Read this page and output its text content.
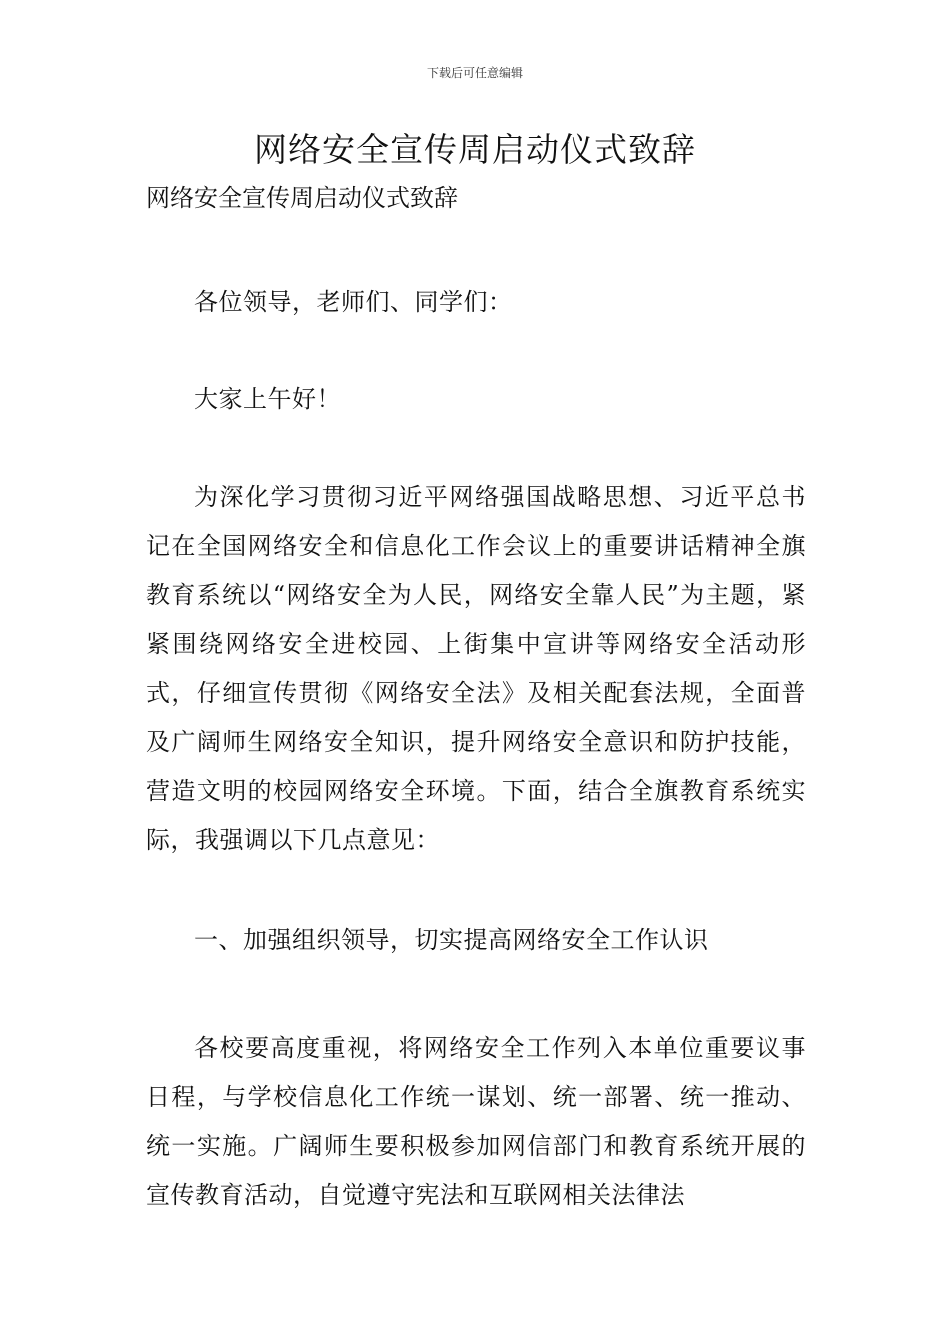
下载后可任意编辑
网络安全宣传周启动仪式致辞

网络安全宣传周启动仪式致辞

各位领导，老师们、同学们：

大家上午好！

为深化学习贯彻习近平网络强国战略思想、习近平总书记在全国网络安全和信息化工作会议上的重要讲话精神全旗教育系统以“网络安全为人民，网络安全靠人民”为主题，紧紧围绕网络安全进校园、上街集中宣讲等网络安全活动形式，仔细宣传贯彻《网络安全法》及相关配套法规，全面普及广阔师生网络安全知识，提升网络安全意识和防护技能，营造文明的校园网络安全环境。下面，结合全旗教育系统实际，我强调以下几点意见：

一、加强组织领导，切实提高网络安全工作认识

各校要高度重视，将网络安全工作列入本单位重要议事日程，与学校信息化工作统一谋划、统一部署、统一推动、统一实施。广阔师生要积极参加网信部门和教育系统开展的宣传教育活动，自觉遵守宪法和互联网相关法律法
